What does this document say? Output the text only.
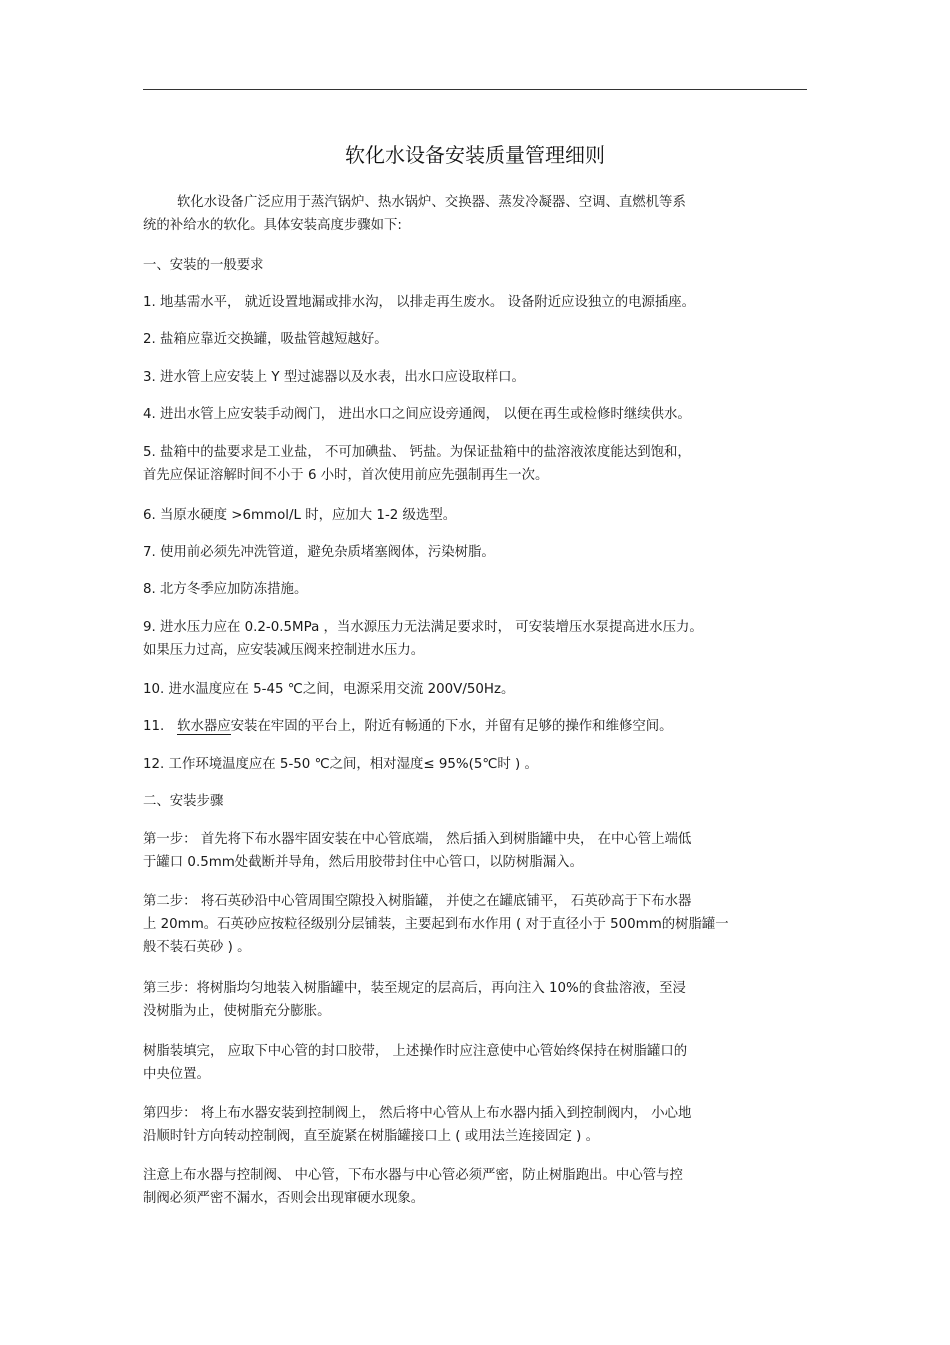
软化水设备安装质量管理细则
软化水设备广泛应用于蒸汽锅炉、热水锅炉、交换器、蒸发冷凝器、空调、直燃机等系
统的补给水的软化。具体安装高度步骤如下:
一、安装的一般要求
1. 地基需水平， 就近设置地漏或排水沟， 以排走再生废水。 设备附近应设独立的电源插座。
2. 盐箱应靠近交换罐，吸盐管越短越好。
3. 进水管上应安装上 Y 型过滤器以及水表，出水口应设取样口。
4. 进出水管上应安装手动阀门， 进出水口之间应设旁通阀， 以便在再生或检修时继续供水。
5. 盐箱中的盐要求是工业盐， 不可加碘盐、 钙盐。为保证盐箱中的盐溶液浓度能达到饱和，
首先应保证溶解时间不小于 6 小时，首次使用前应先强制再生一次。
6. 当原水硬度 >6mmol/L 时，应加大 1-2 级选型。
7. 使用前必须先冲洗管道，避免杂质堵塞阀体，污染树脂。
8. 北方冬季应加防冻措施。
9. 进水压力应在 0.2-0.5MPa ，当水源压力无法满足要求时， 可安装增压水泵提高进水压力。
如果压力过高，应安装减压阀来控制进水压力。
10. 进水温度应在 5-45 ℃之间，电源采用交流 200V/50Hz。
11.   软水器应安装在牢固的平台上，附近有畅通的下水，并留有足够的操作和维修空间。
12. 工作环境温度应在 5-50 ℃之间，相对湿度≤ 95%(5℃时 ) 。
二、安装步骤
第一步： 首先将下布水器牢固安装在中心管底端， 然后插入到树脂罐中央， 在中心管上端低
于罐口 0.5mm处截断并导角，然后用胶带封住中心管口，以防树脂漏入。
第二步： 将石英砂沿中心管周围空隙投入树脂罐， 并使之在罐底铺平， 石英砂高于下布水器
上 20mm。石英砂应按粒径级别分层铺装，主要起到布水作用 ( 对于直径小于 500mm的树脂罐一
般不装石英砂 ) 。
第三步：将树脂均匀地装入树脂罐中，装至规定的层高后，再向注入 10%的食盐溶液，至浸
没树脂为止，使树脂充分膨胀。
树脂装填完， 应取下中心管的封口胶带， 上述操作时应注意使中心管始终保持在树脂罐口的
中央位置。
第四步： 将上布水器安装到控制阀上， 然后将中心管从上布水器内插入到控制阀内， 小心地
沿顺时针方向转动控制阀，直至旋紧在树脂罐接口上 ( 或用法兰连接固定 ) 。
注意上布水器与控制阀、 中心管，下布水器与中心管必须严密，防止树脂跑出。中心管与控
制阀必须严密不漏水，否则会出现窜硬水现象。
